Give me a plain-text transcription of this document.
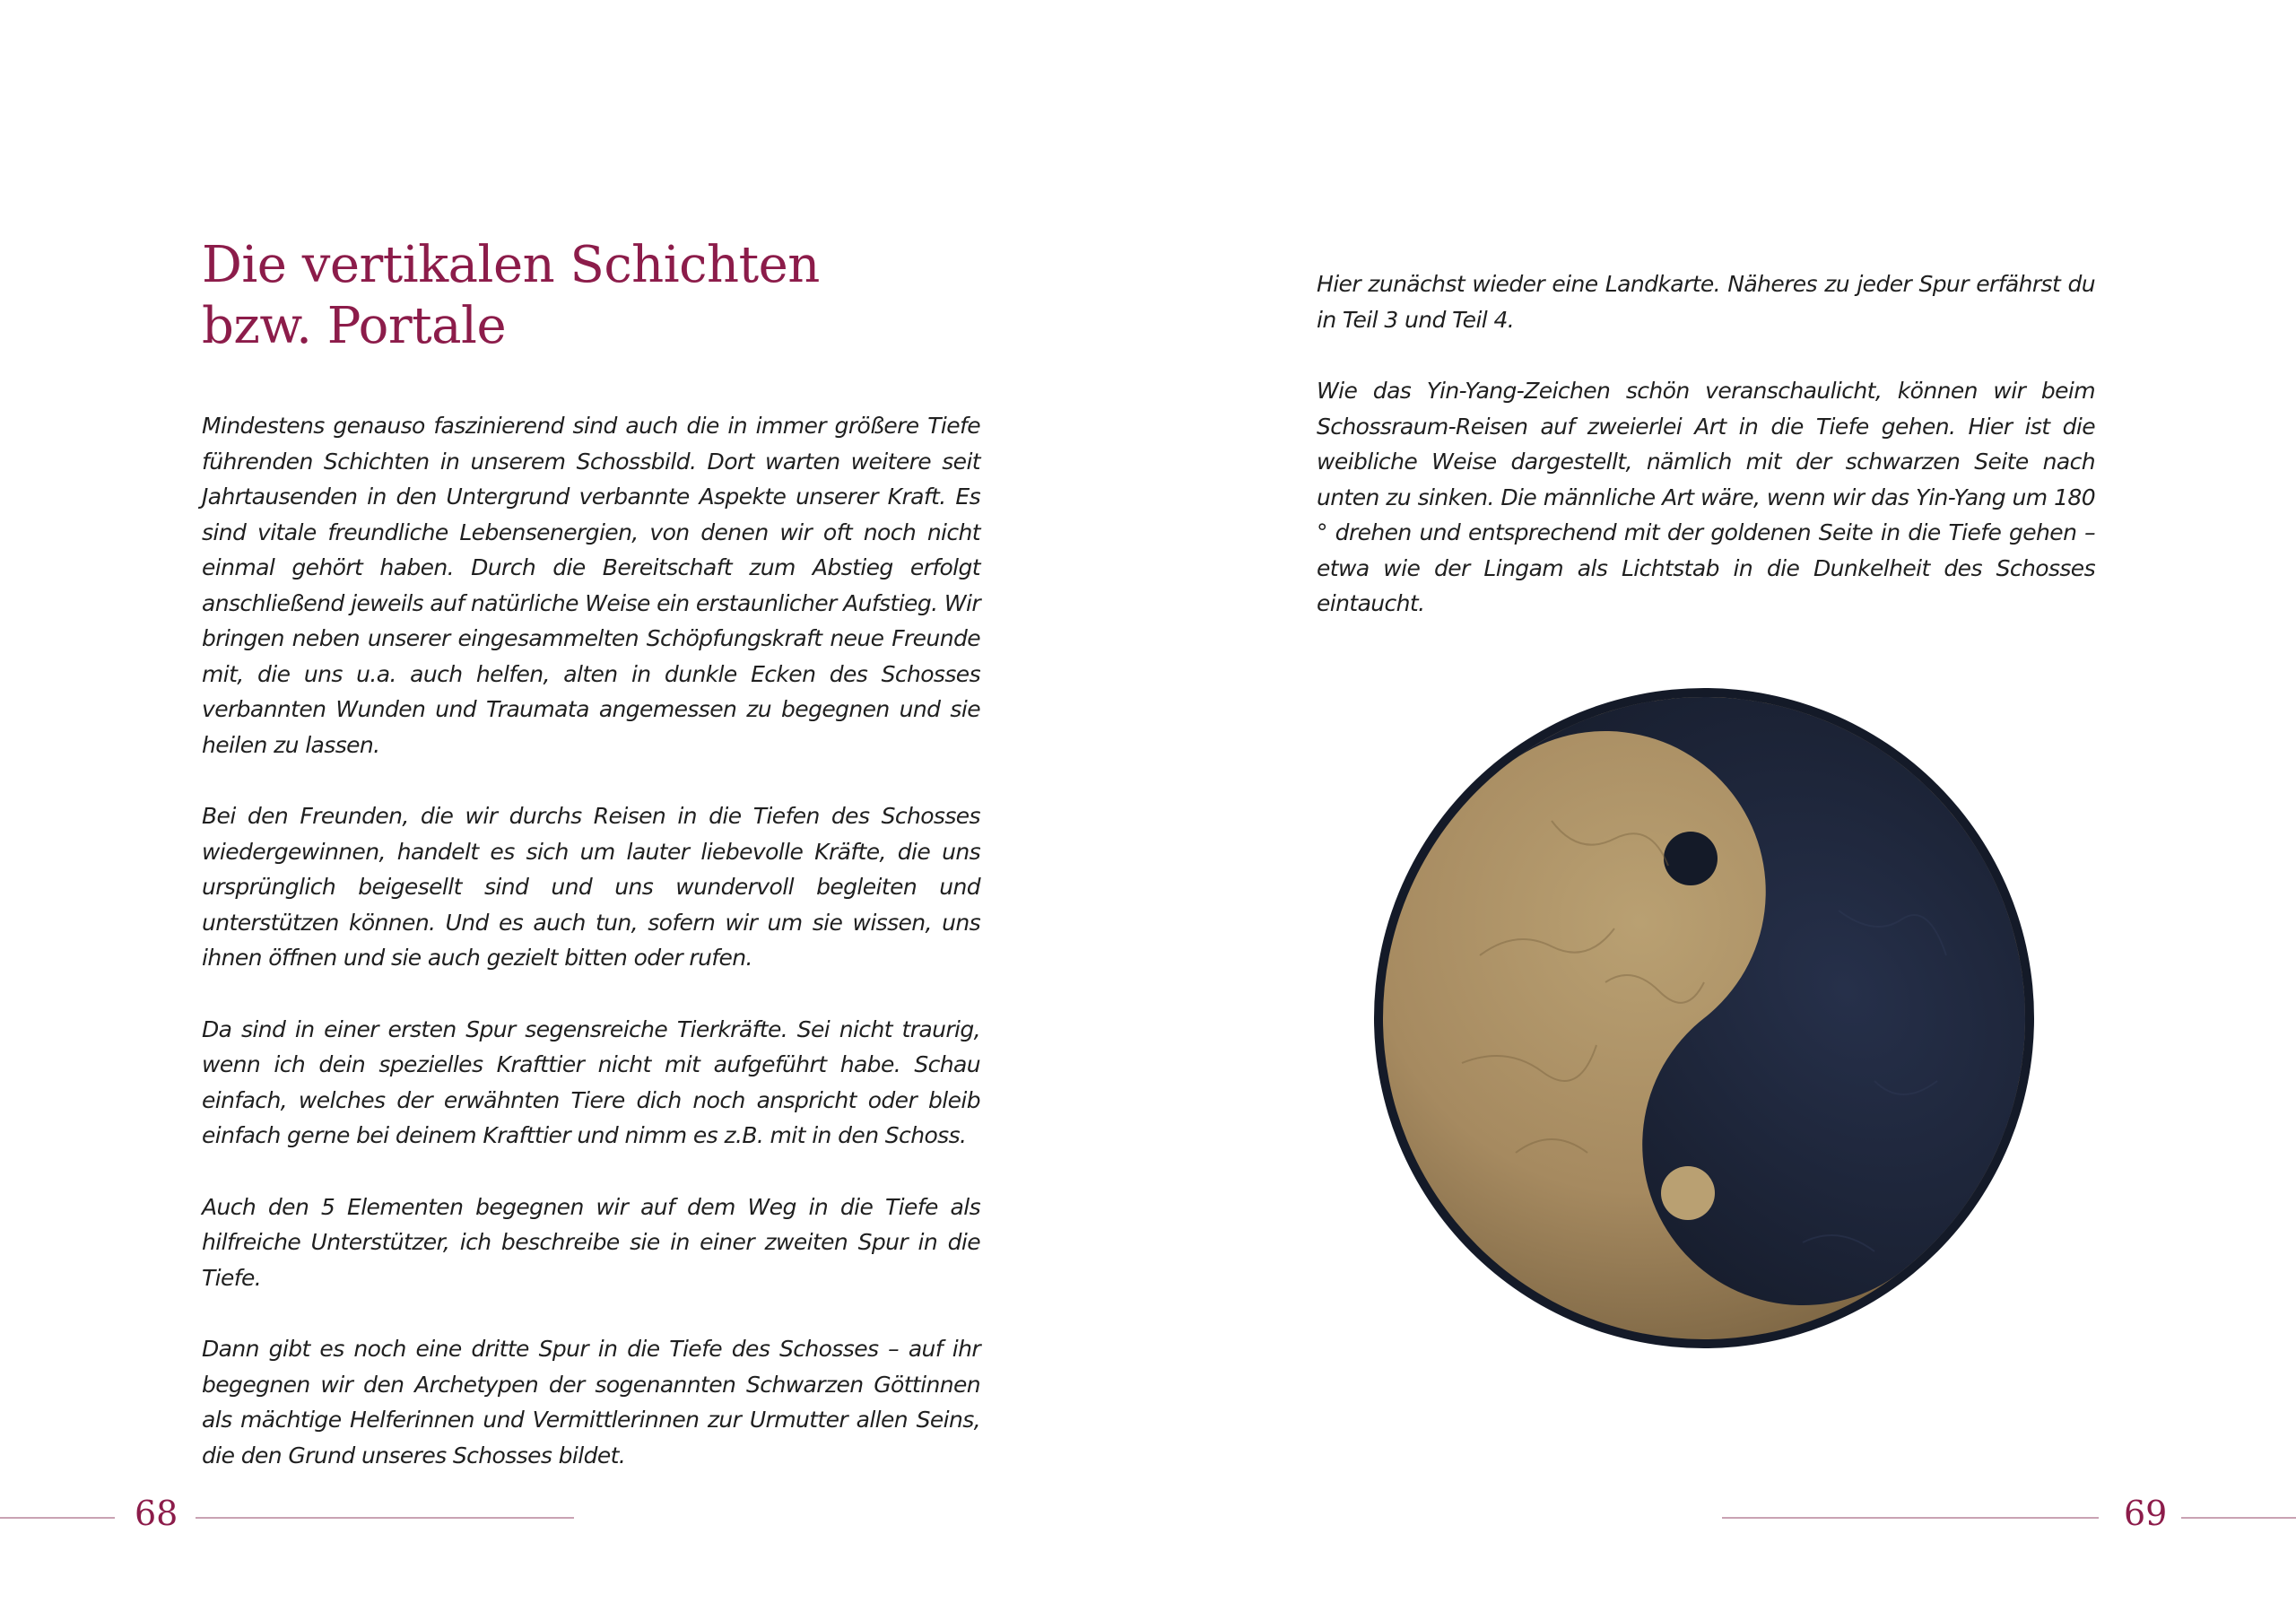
Die vertikalen Schichten
bzw. Portale

Mindestens genauso faszinierend sind auch die in immer größere Tiefe führenden Schichten in unserem Schossbild. Dort warten weitere seit Jahrtausenden in den Untergrund verbannte Aspekte unserer Kraft. Es sind vitale freundliche Lebensenergien, von denen wir oft noch nicht einmal gehört haben. Durch die Bereitschaft zum Abstieg erfolgt anschließend jeweils auf natürliche Weise ein erstaunlicher Aufstieg. Wir bringen neben unserer eingesammelten Schöpfungskraft neue Freunde mit, die uns u.a. auch helfen, alten in dunkle Ecken des Schosses verbannten Wunden und Traumata angemessen zu begegnen und sie heilen zu lassen.

Bei den Freunden, die wir durchs Reisen in die Tiefen des Schosses wiedergewinnen, handelt es sich um lauter liebevolle Kräfte, die uns ursprünglich beigesellt sind und uns wundervoll begleiten und unterstützen können. Und es auch tun, sofern wir um sie wissen, uns ihnen öffnen und sie auch gezielt bitten oder rufen.

Da sind in einer ersten Spur segensreiche Tierkräfte. Sei nicht traurig, wenn ich dein spezielles Krafttier nicht mit aufgeführt habe. Schau einfach, welches der erwähnten Tiere dich noch anspricht oder bleib einfach gerne bei deinem Krafttier und nimm es z.B. mit in den Schoss.

Auch den 5 Elementen begegnen wir auf dem Weg in die Tiefe als hilfreiche Unterstützer, ich beschreibe sie in einer zweiten Spur in die Tiefe.

Dann gibt es noch eine dritte Spur in die Tiefe des Schosses – auf ihr begegnen wir den Archetypen der sogenannten Schwarzen Göttinnen als mächtige Helferinnen und Vermittlerinnen zur Urmutter allen Seins, die den Grund unseres Schosses bildet.

68

Hier zunächst wieder eine Landkarte. Näheres zu jeder Spur erfährst du in Teil 3 und Teil 4.

Wie das Yin-Yang-Zeichen schön veranschaulicht, können wir beim Schossraum-Reisen auf zweierlei Art in die Tiefe gehen. Hier ist die weibliche Weise dargestellt, nämlich mit der schwarzen Seite nach unten zu sinken. Die männliche Art wäre, wenn wir das Yin-Yang um 180 ° drehen und entsprechend mit der goldenen Seite in die Tiefe gehen – etwa wie der Lingam als Lichtstab in die Dunkelheit des Schosses eintaucht.

69
